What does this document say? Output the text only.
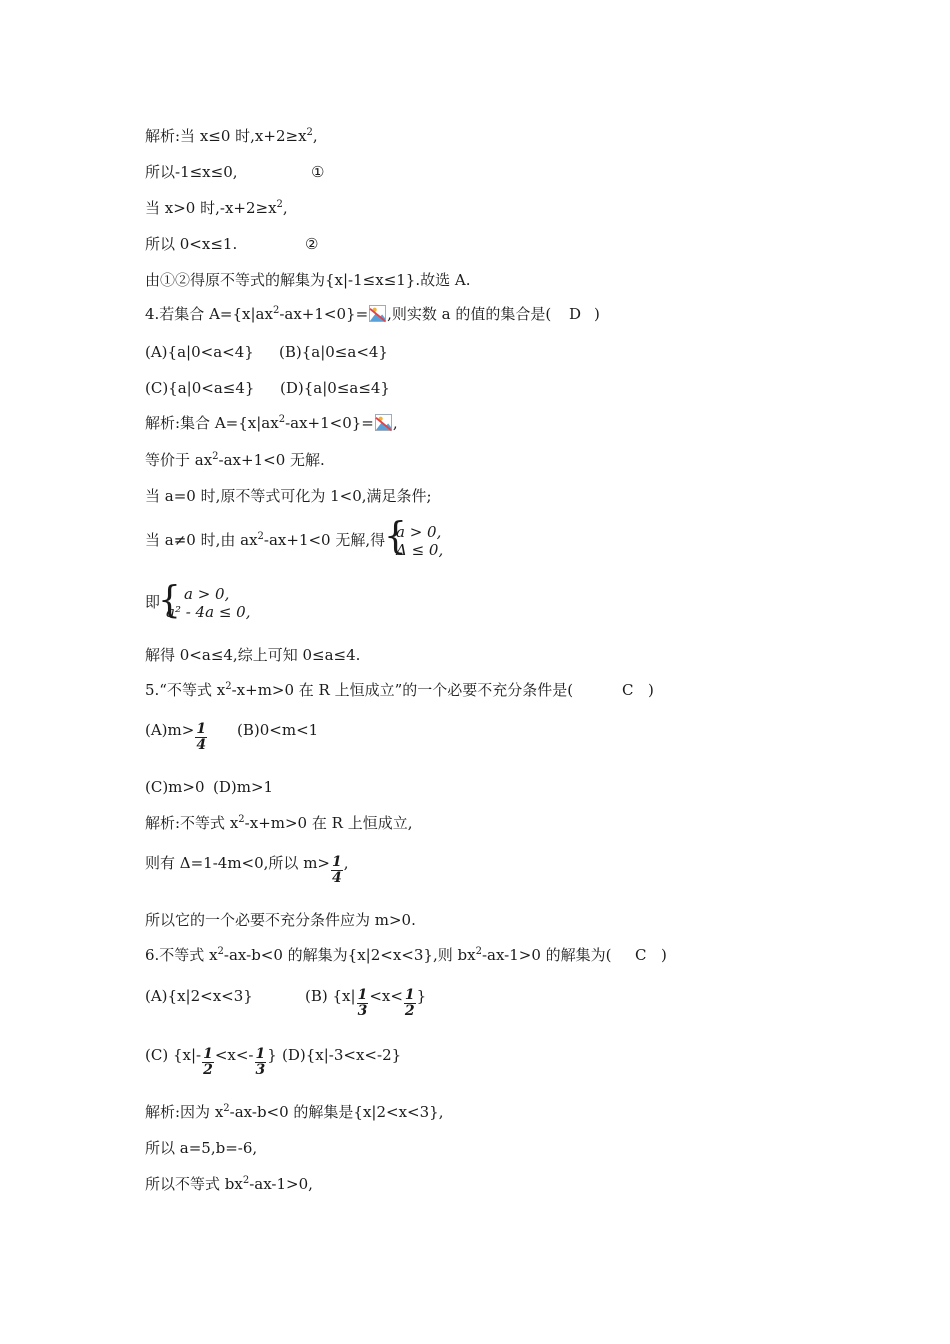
解析:当 x≤0 时$,x+2\ge x^2$,
所以-1≤x≤0,	①
当 x>0 时$,-x+2\ge x^2$,
所以 0<x≤1.	②
由①②得原不等式的解集为{x|-1≤x≤1}.故选 A.
4.若集合 $A=\{x|ax^2-ax+1<0\}=$ ,则实数 a 的值的集合是( D )
(A){a|0<a<4} (B){a|0≤a<4}
(C){a|0<a≤4} (D){a|0≤a≤4}
解析:集合 $A=\{x|ax^2-ax+1<0\}=$ ,
等价于 $ax^2-ax+1<0$ 无解.
当 a=0 时,原不等式可化为 1<0,满足条件;
当 a≠0 时,由 $ax^2-ax+1<0$ 无解,得
{
a > 0,
Δ ≤ 0,
即
{ a > 0,
a² - 4a ≤ 0,
解得 0<a≤4,综上可知 0≤a≤4.
5.“不等式 $x^2-x+m>0$ 在 R 上恒成立”的一个必要不充分条件是(	C )
$(A)m> \frac{1}{4} (B)0<m<1$
(C)m>0 (D)m>1
解析:不等式 $x^2-x+m>0$ 在 R 上恒成立,
则有 Δ=1-4m<0,所以 $m> \frac{1}{4}$ ,
所以它的一个必要不充分条件应为 m>0.
6.不等式 $x^2-ax-b<0$ 的解集为{x|2<x<3},则 $bx^2-ax-1>0$ 的解集为( C )
(A){x|2<x<3}	(B) {$x| \frac{1}{3} <x< \frac{1}{2}$ }
(C) {$x|- \frac{1}{2} <x<- \frac{1}{3}$ } (D){x|-3<x<-2}
解析:因为 $x^2-ax-b<0$ 的解集是{x|2<x<3},
所以 a=5,b=-6,
所以不等式 $bx^2-ax-1>0$,
